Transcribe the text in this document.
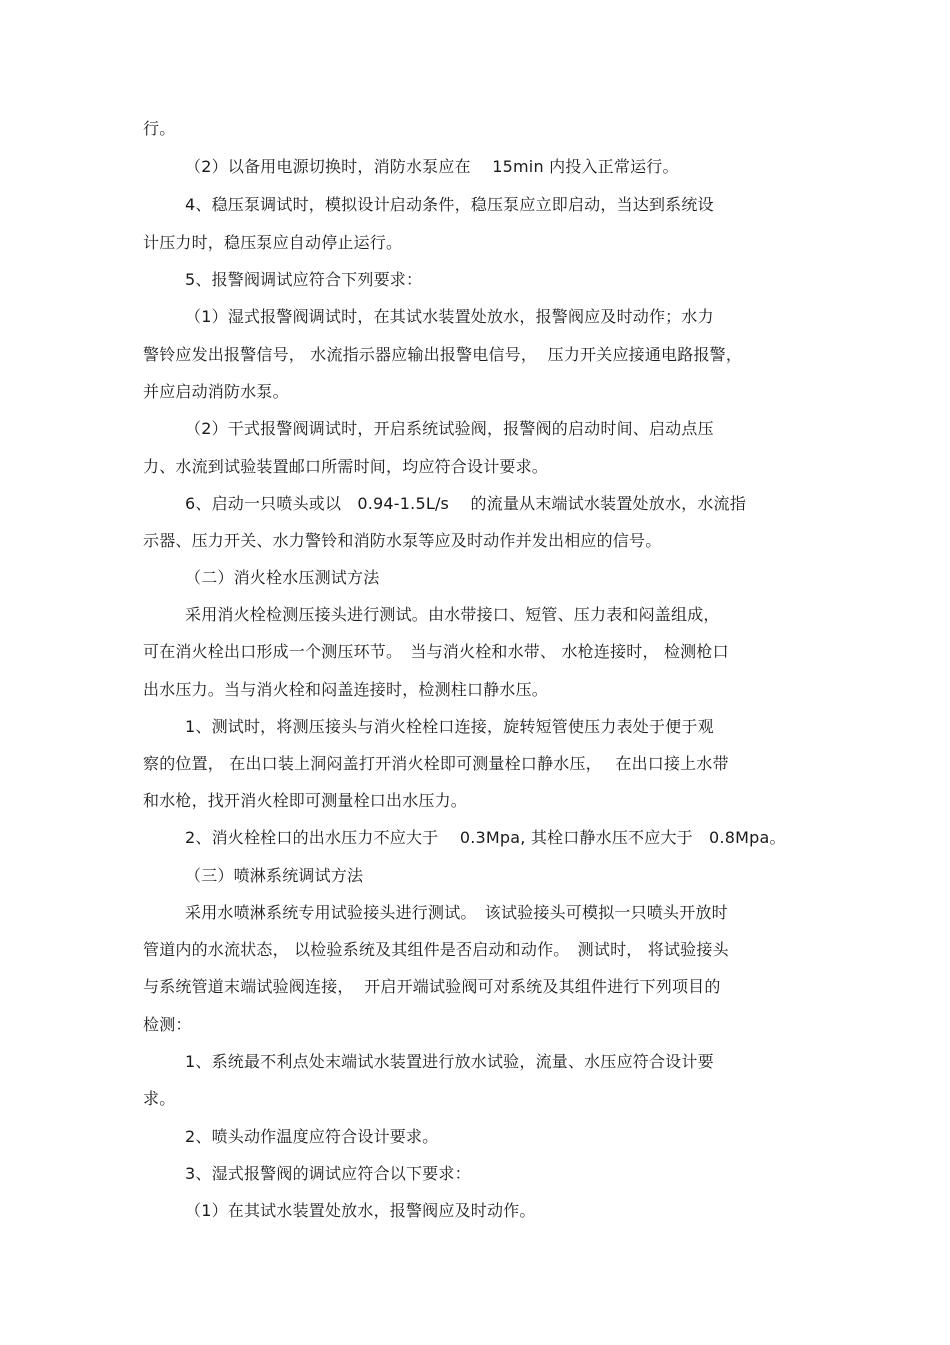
行。
（2）以备用电源切换时，消防水泵应在　 15min 内投入正常运行。
4、稳压泵调试时，模拟设计启动条件，稳压泵应立即启动，当达到系统设
计压力时，稳压泵应自动停止运行。
5、报警阀调试应符合下列要求：
（1）湿式报警阀调试时，在其试水装置处放水，报警阀应及时动作；水力
警铃应发出报警信号， 水流指示器应输出报警电信号，  压力开关应接通电路报警，
并应启动消防水泵。
（2）干式报警阀调试时，开启系统试验阀，报警阀的启动时间、启动点压
力、水流到试验装置邮口所需时间，均应符合设计要求。
6、启动一只喷头或以　0.94-1.5L/s　 的流量从末端试水装置处放水，水流指
示器、压力开关、水力警铃和消防水泵等应及时动作并发出相应的信号。
（二）消火栓水压测试方法
采用消火栓检测压接头进行测试。由水带接口、短管、压力表和闷盖组成，
可在消火栓出口形成一个测压环节。　当与消火栓和水带、 水枪连接时， 检测枪口
出水压力。当与消火栓和闷盖连接时，检测柱口静水压。
1、测试时，将测压接头与消火栓栓口连接，旋转短管使压力表处于便于观
察的位置， 在出口装上洞闷盖打开消火栓即可测量栓口静水压，　 在出口接上水带
和水枪，找开消火栓即可测量栓口出水压力。
2、消火栓栓口的出水压力不应大于　 0.3Mpa, 其栓口静水压不应大于　0.8Mpa。
（三）喷淋系统调试方法
采用水喷淋系统专用试验接头进行测试。　该试验接头可模拟一只喷头开放时
管道内的水流状态， 以检验系统及其组件是否启动和动作。　测试时， 将试验接头
与系统管道末端试验阀连接，  开启开端试验阀可对系统及其组件进行下列项目的
检测：
1、系统最不利点处末端试水装置进行放水试验，流量、水压应符合设计要
求。
2、喷头动作温度应符合设计要求。
3、湿式报警阀的调试应符合以下要求：
（1）在其试水装置处放水，报警阀应及时动作。
